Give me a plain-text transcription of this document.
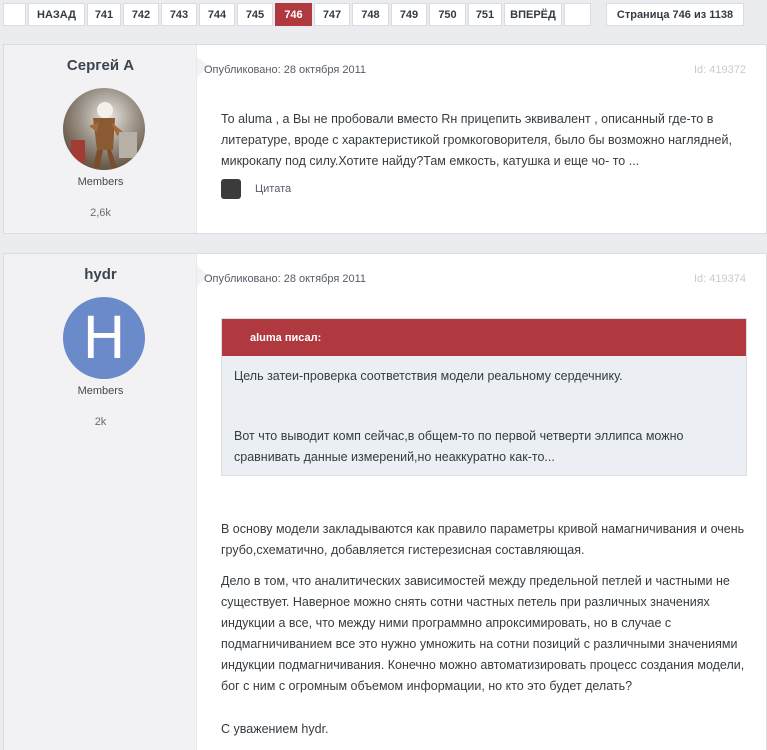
НАЗАД	741	742	743	744	745	746	747	748	749	750	751	ВПЕРЁД	Страница 746 из 1138
Сергей А
Members
2,6k
Опубликовано: 28 октября 2011	Id: 419372

То aluma , а Вы не пробовали вместо Rн прицепить эквивалент , описанный где-то в литературе, вроде с характеристикой громкоговорителя, было бы возможно наглядней, микрокапу под силу.Хотите найду?Там емкость, катушка и еще чо- то ...

Цитата
hydr
H
Members
2k
Опубликовано: 28 октября 2011	Id: 419374
aluma писал:

Цель затеи-проверка соответствия модели реальному сердечнику.

Вот что выводит комп сейчас,в общем-то по первой четверти эллипса можно сравнивать данные измерений,но неаккуратно как-то...

В основу модели закладываются как правило параметры кривой намагничивания и очень грубо,схематично, добавляется гистерезисная составляющая.

Дело в том, что аналитических зависимостей между предельной петлей и частными не существует. Наверное можно снять сотни частных петель при различных значениях индукции а все, что между ними программно апроксимировать, но в случае с подмагничиванием все это нужно умножить на сотни позиций с различными значениями индукции подмагничивания. Конечно можно автоматизировать процесс создания модели, бог с ним с огромным объемом информации, но кто это будет делать?

С уважением hydr.
